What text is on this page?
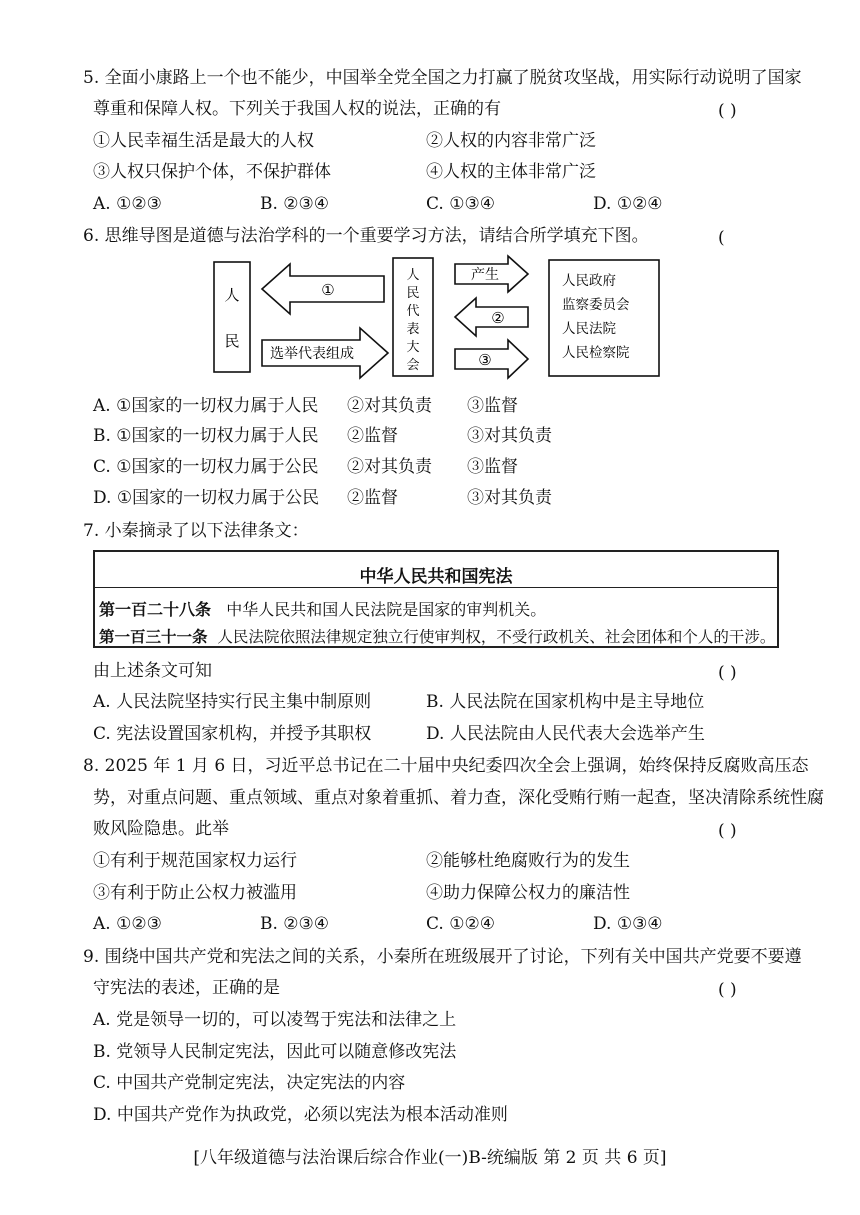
5. 全面小康路上一个也不能少，中国举全党全国之力打赢了脱贫攻坚战，用实际行动说明了国家
尊重和保障人权。下列关于我国人权的说法，正确的有	( )
①人民幸福生活是最大的人权	②人权的内容非常广泛
③人权只保护个体，不保护群体	④人权的主体非常广泛
A. ①②③	B. ②③④	C. ①③④	D. ①②④
6. 思维导图是道德与法治学科的一个重要学习方法，请结合所学填充下图。	(
人
民
①
选举代表组成
人
民
代
表
大
会
产生
②
③
人民政府
监察委员会
人民法院
人民检察院
A. ①国家的一切权力属于人民 ②对其负责 ③监督
B. ①国家的一切权力属于人民 ②监督	③对其负责
C. ①国家的一切权力属于公民 ②对其负责 ③监督
D. ①国家的一切权力属于公民 ②监督	③对其负责
7. 小秦摘录了以下法律条文：
中华人民共和国宪法
第一百二十八条 中华人民共和国人民法院是国家的审判机关。
第一百三十一条 人民法院依照法律规定独立行使审判权，不受行政机关、社会团体和个人的干涉。
由上述条文可知	( )
A. 人民法院坚持实行民主集中制原则	B. 人民法院在国家机构中是主导地位
C. 宪法设置国家机构，并授予其职权	D. 人民法院由人民代表大会选举产生
8. 2025 年 1 月 6 日，习近平总书记在二十届中央纪委四次全会上强调，始终保持反腐败高压态
势，对重点问题、重点领域、重点对象着重抓、着力查，深化受贿行贿一起查，坚决清除系统性腐
败风险隐患。此举	( )
①有利于规范国家权力运行	②能够杜绝腐败行为的发生
③有利于防止公权力被滥用	④助力保障公权力的廉洁性
A. ①②③	B. ②③④	C. ①②④	D. ①③④
9. 围绕中国共产党和宪法之间的关系，小秦所在班级展开了讨论，下列有关中国共产党要不要遵
守宪法的表述，正确的是	( )
A. 党是领导一切的，可以凌驾于宪法和法律之上
B. 党领导人民制定宪法，因此可以随意修改宪法
C. 中国共产党制定宪法，决定宪法的内容
D. 中国共产党作为执政党，必须以宪法为根本活动准则
[八年级道德与法治课后综合作业(一)B-统编版 第 2 页 共 6 页]
